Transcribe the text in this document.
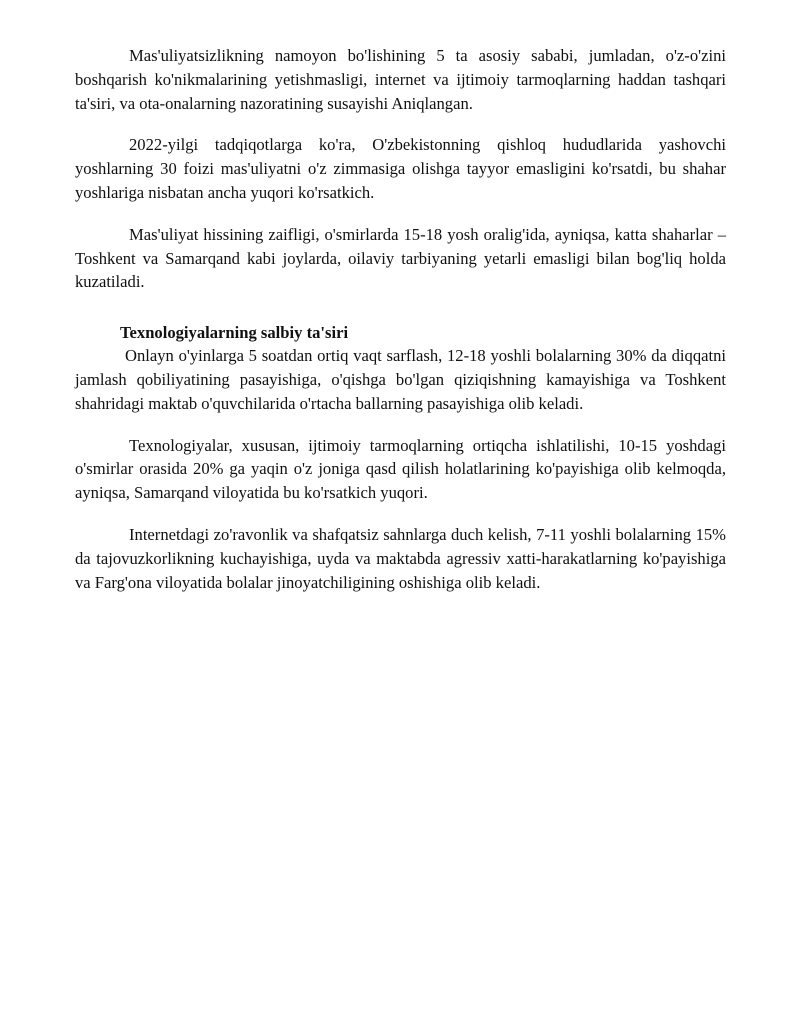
Mas'uliyatsizlikning namoyon bo'lishining 5 ta asosiy sababi, jumladan, o'z-o'zini boshqarish ko'nikmalarining yetishmasligi, internet va ijtimoiy tarmoqlarning haddan tashqari ta'siri, va ota-onalarning nazoratining susayishi Aniqlangan.

2022-yilgi tadqiqotlarga ko'ra, O'zbekistonning qishloq hududlarida yashovchi yoshlarning 30 foizi mas'uliyatni o'z zimmasiga olishga tayyor emasligini ko'rsatdi, bu shahar yoshlariga nisbatan ancha yuqori ko'rsatkich.

Mas'uliyat hissining zaifligi, o'smirlarda 15-18 yosh oralig'ida, ayniqsa, katta shaharlar – Toshkent va Samarqand kabi joylarda, oilaviy tarbiyaning yetarli emasligi bilan bog'liq holda kuzatiladi.

Texnologiyalarning salbiy ta'siri

Onlayn o'yinlarga 5 soatdan ortiq vaqt sarflash, 12-18 yoshli bolalarning 30% da diqqatni jamlash qobiliyatining pasayishiga, o'qishga bo'lgan qiziqishning kamayishiga va Toshkent shahridagi maktab o'quvchilarida o'rtacha ballarning pasayishiga olib keladi.

Texnologiyalar, xususan, ijtimoiy tarmoqlarning ortiqcha ishlatilishi, 10-15 yoshdagi o'smirlar orasida 20% ga yaqin o'z joniga qasd qilish holatlarining ko'payishiga olib kelmoqda, ayniqsa, Samarqand viloyatida bu ko'rsatkich yuqori.

Internetdagi zo'ravonlik va shafqatsiz sahnlarga duch kelish, 7-11 yoshli bolalarning 15% da tajovuzkorlikning kuchayishiga, uyda va maktabda agressiv xatti-harakatlarning ko'payishiga va Farg'ona viloyatida bolalar jinoyatchiligining oshishiga olib keladi.
